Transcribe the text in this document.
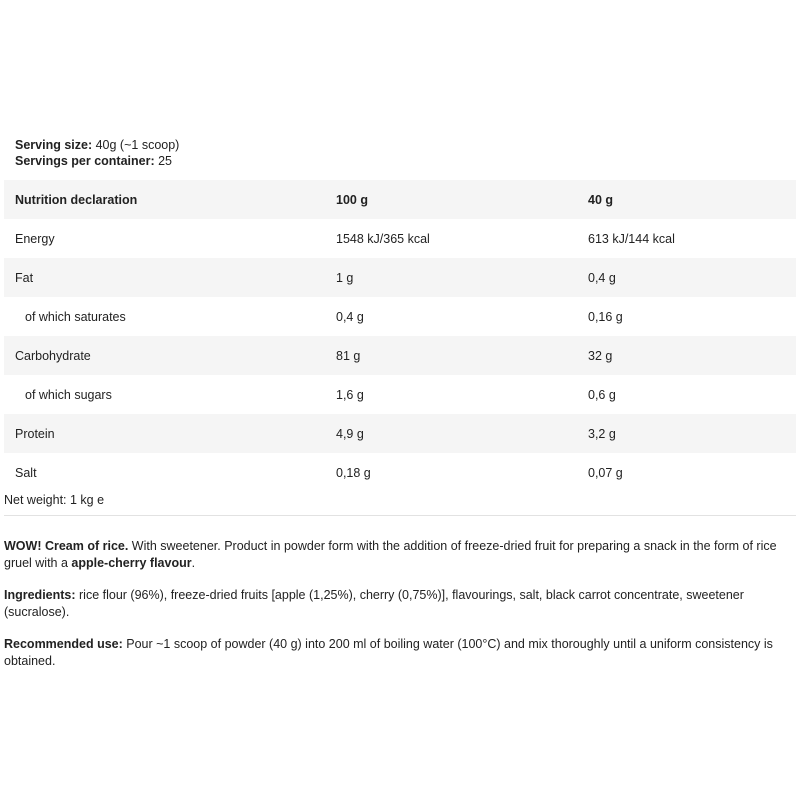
Serving size: 40g (~1 scoop)
Servings per container: 25
Nutrition declaration	100 g	40 g
Energy	1548 kJ/365 kcal	613 kJ/144 kcal
Fat	1 g	0,4 g
of which saturates	0,4 g	0,16 g
Carbohydrate	81 g	32 g
of which sugars	1,6 g	0,6 g
Protein	4,9 g	3,2 g
Salt	0,18 g	0,07 g
Net weight: 1 kg e
WOW! Cream of rice. With sweetener. Product in powder form with the addition of freeze-dried fruit for preparing a snack in the form of rice gruel with a apple-cherry flavour.
Ingredients: rice flour (96%), freeze-dried fruits [apple (1,25%), cherry (0,75%)], flavourings, salt, black carrot concentrate, sweetener (sucralose).
Recommended use: Pour ~1 scoop of powder (40 g) into 200 ml of boiling water (100°C) and mix thoroughly until a uniform consistency is obtained.
